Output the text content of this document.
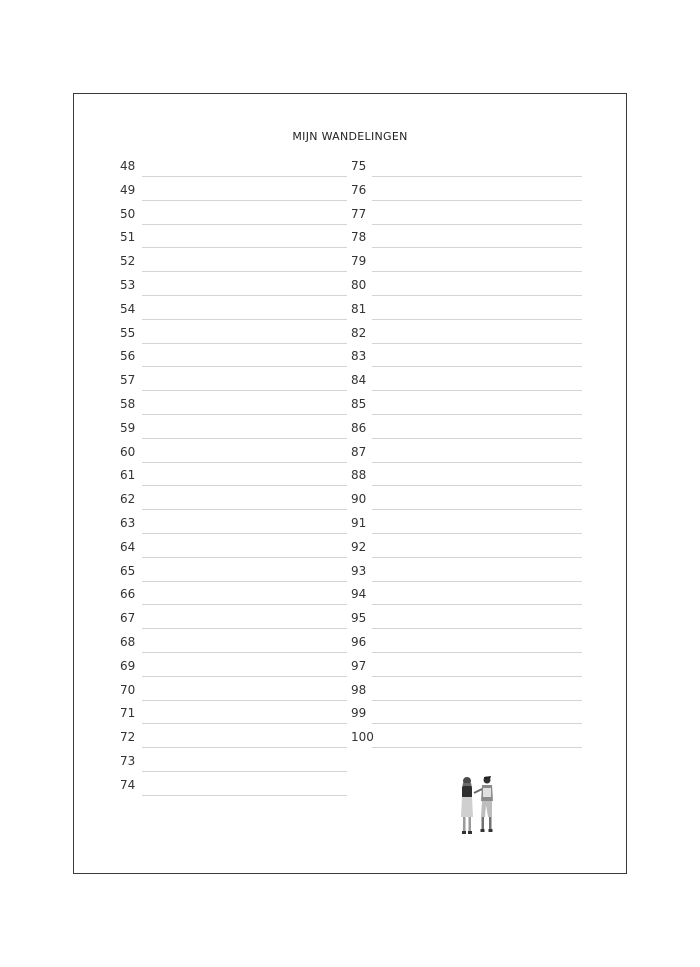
MIJN WANDELINGEN
48
49
50
51
52
53
54
55
56
57
58
59
60
61
62
63
64
65
66
67
68
69
70
71
72
73
74
75
76
77
78
79
80
81
82
83
84
85
86
87
88
90
91
92
93
94
95
96
97
98
99
100
